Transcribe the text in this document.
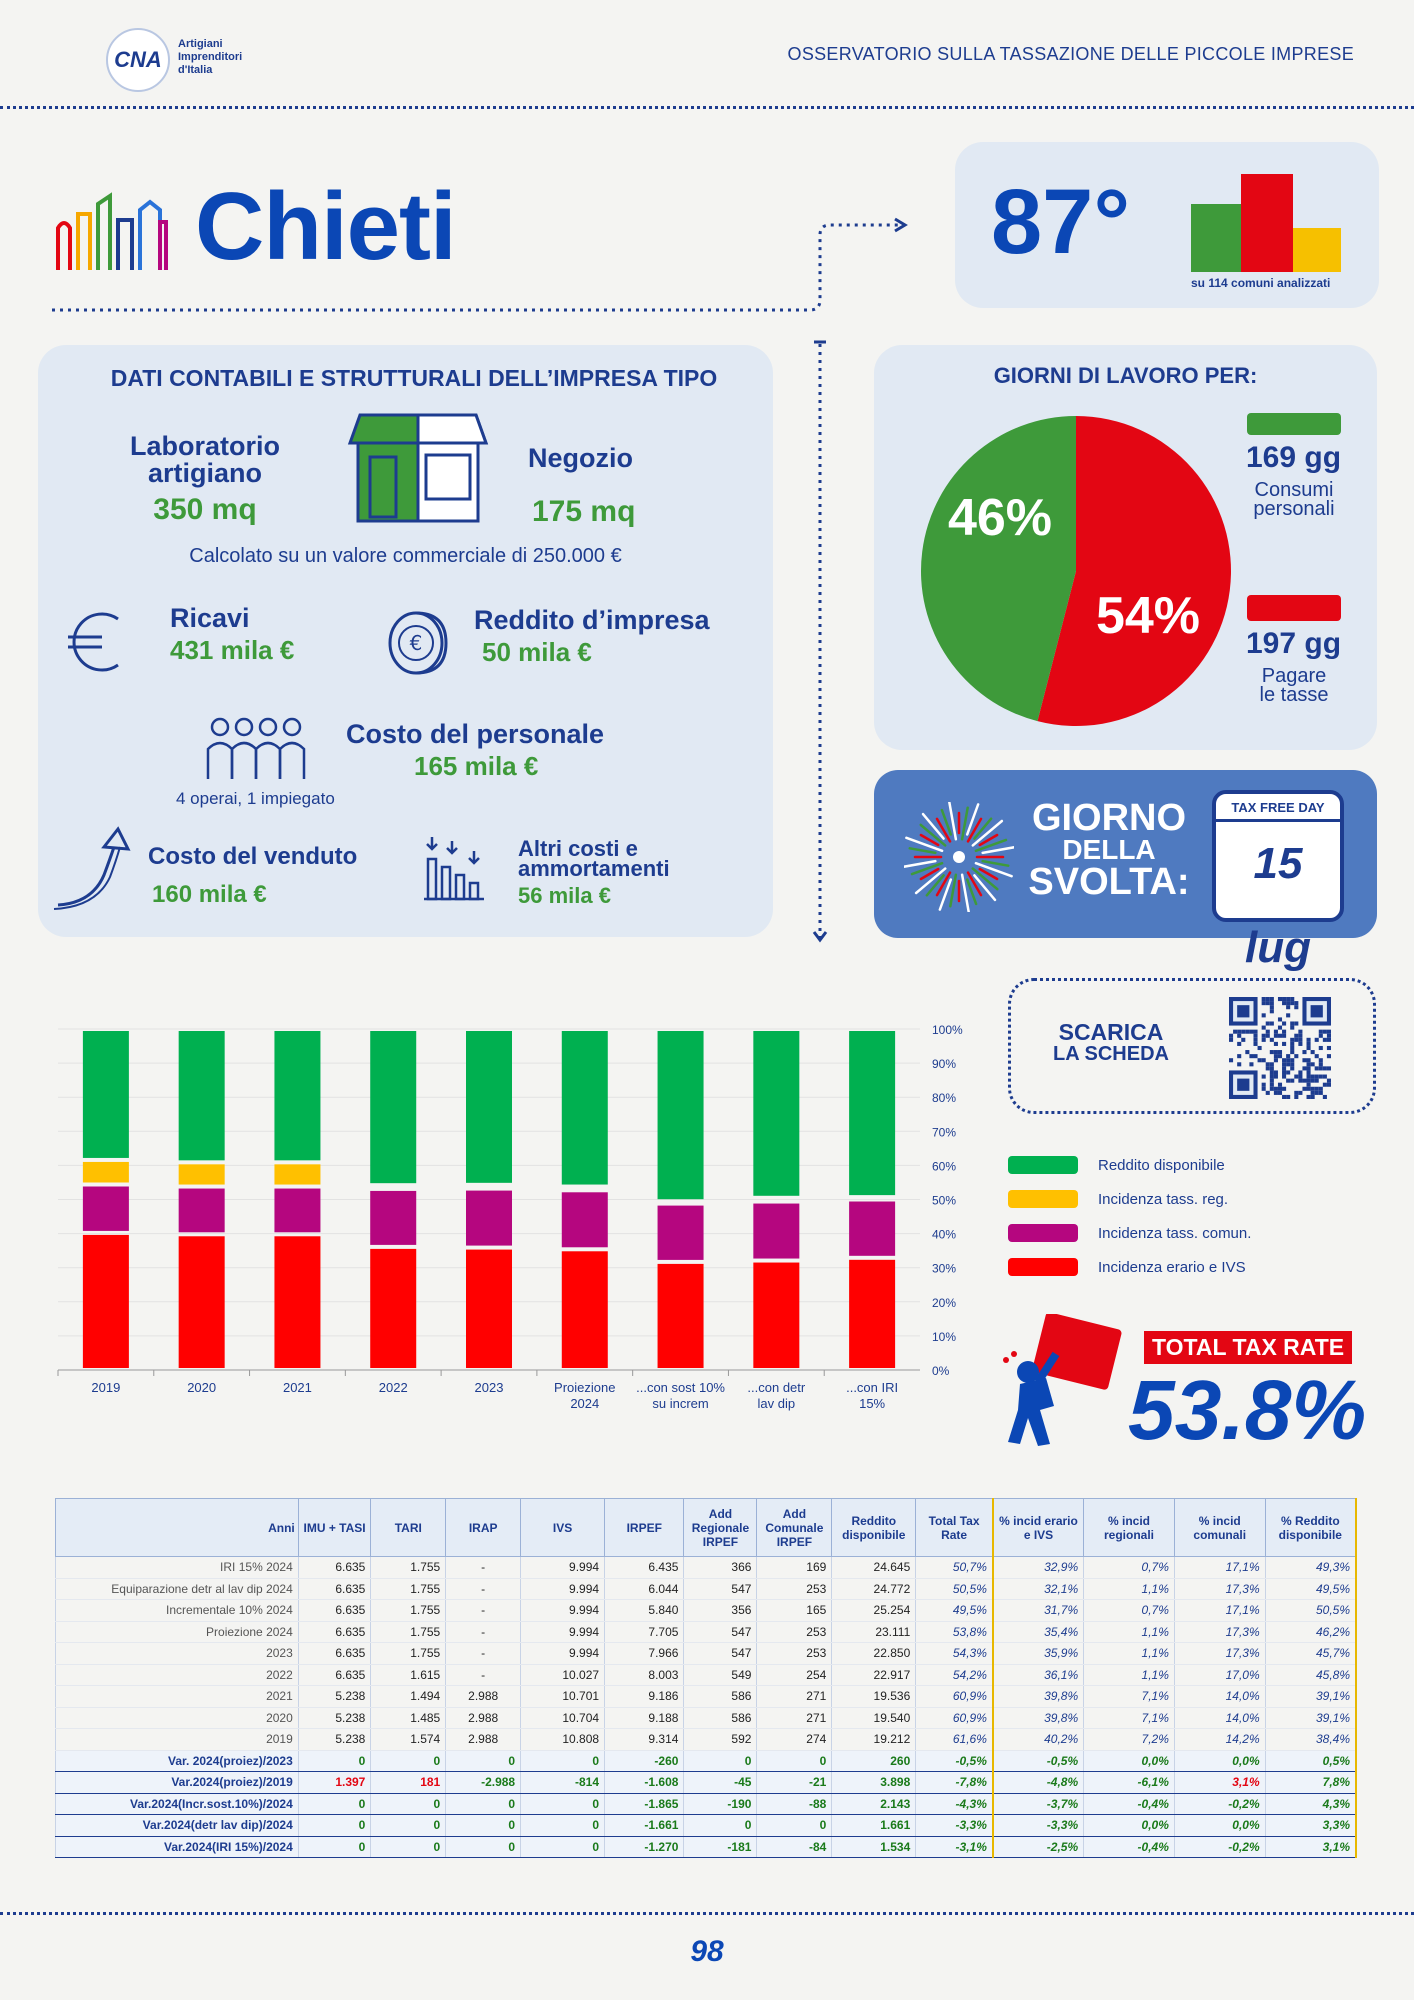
CNA
Artigiani
Imprenditori
d'Italia
OSSERVATORIO SULLA TASSAZIONE DELLE PICCOLE IMPRESE
Chieti	87°
su 114 comuni analizzati
DATI CONTABILI E STRUTTURALI DELL’IMPRESA TIPO
Laboratorio artigiano
350 mq
Negozio
175 mq
Calcolato su un valore commerciale di 250.000 €
Ricavi
431 mila €	€
Reddito d’impresa
50 mila €
4 operai, 1 impiegato
Costo del personale
165 mila €
Costo del venduto
160 mila €
Altri costi e
ammortamenti
56 mila €
GIORNI DI LAVORO PER:
46%
54%
169 gg
Consumi
personali
197 gg
Pagare
le tasse
GIORNO
DELLA
SVOLTA:
TAX FREE DAY
15 lug
SCARICA
LA SCHEDA
0%
10%
20%
30%
40%
50%
60%
70%
80%
90%
100%
2019	2020	2021	2022	2023	Proiezione
2024
...con sost 10%
su increm
...con detr
lav dip
...con IRI
15%
Reddito disponibile
Incidenza tass. reg.
Incidenza tass. comun.
Incidenza erario e IVS
TOTAL TAX RATE
53.8%
Anni	IMU + TASI	TARI	IRAP	IVS	IRPEF	Add Regionale IRPEF	Add Comunale IRPEF	Reddito disponibile	Total Tax Rate	% incid erario e IVS	% incid regionali	% incid comunali	% Reddito disponibile
IRI 15% 2024	6.635	1.755	-	9.994	6.435	366	169	24.645	50,7%	32,9%	0,7%	17,1%	49,3%
Equiparazione detr al lav dip 2024	6.635	1.755	-	9.994	6.044	547	253	24.772	50,5%	32,1%	1,1%	17,3%	49,5%
Incrementale 10% 2024	6.635	1.755	-	9.994	5.840	356	165	25.254	49,5%	31,7%	0,7%	17,1%	50,5%
Proiezione 2024	6.635	1.755	-	9.994	7.705	547	253	23.111	53,8%	35,4%	1,1%	17,3%	46,2%
2023	6.635	1.755	-	9.994	7.966	547	253	22.850	54,3%	35,9%	1,1%	17,3%	45,7%
2022	6.635	1.615	-	10.027	8.003	549	254	22.917	54,2%	36,1%	1,1%	17,0%	45,8%
2021	5.238	1.494	2.988	10.701	9.186	586	271	19.536	60,9%	39,8%	7,1%	14,0%	39,1%
2020	5.238	1.485	2.988	10.704	9.188	586	271	19.540	60,9%	39,8%	7,1%	14,0%	39,1%
2019	5.238	1.574	2.988	10.808	9.314	592	274	19.212	61,6%	40,2%	7,2%	14,2%	38,4%
Var. 2024(proiez)/2023	0	0	0	0	-260	0	0	260	-0,5%	-0,5%	0,0%	0,0%	0,5%
Var.2024(proiez)/2019	1.397	181	-2.988	-814	-1.608	-45	-21	3.898	-7,8%	-4,8%	-6,1%	3,1%	7,8%
Var.2024(Incr.sost.10%)/2024	0	0	0	0	-1.865	-190	-88	2.143	-4,3%	-3,7%	-0,4%	-0,2%	4,3%
Var.2024(detr lav dip)/2024	0	0	0	0	-1.661	0	0	1.661	-3,3%	-3,3%	0,0%	0,0%	3,3%
Var.2024(IRI 15%)/2024	0	0	0	0	-1.270	-181	-84	1.534	-3,1%	-2,5%	-0,4%	-0,2%	3,1%
98
